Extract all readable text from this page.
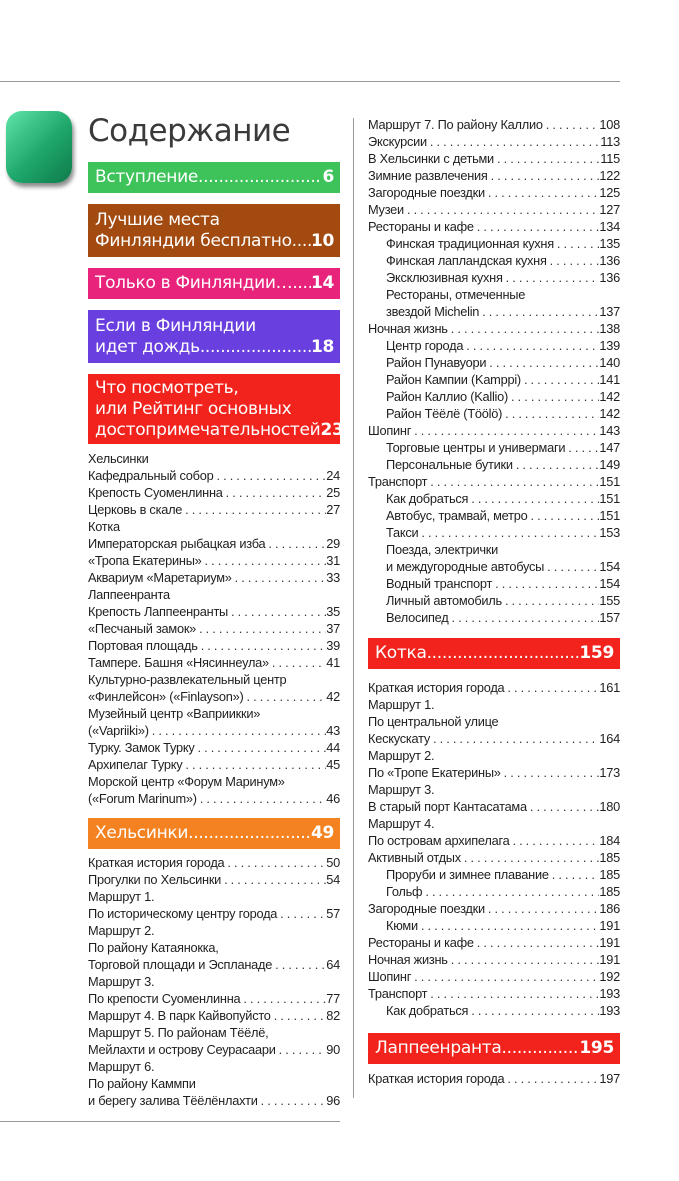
Содержание
Вступление .....	6
Лучшие места
Финляндии бесплатно ..... 10
Только в Финляндии… ..... 14
Если в Финляндии
идет дождь .....	18
Что посмотреть,
или Рейтинг основных
достопримечательностей 23
Хельсинки
Кафедральный собор . . .	24
Крепость Суоменлинна . . .	25
Церковь в скале . . .	27
Котка
Императорская рыбацкая изба . . .	29
«Тропа Екатерины» . . .	31
Аквариум «Маретариум» . . .	33
Лаппеенранта
Крепость Лаппеенранты . . .	35
«Песчаный замок» . . .	37
Портовая площадь . . .	39
Тампере. Башня «Нясиннеула» . . .	41
Культурно-развлекательный центр
«Финлейсон» («Finlayson») . . .	42
Музейный центр «Ваприикки»
(«Vapriiki») . . .	43
Турку. Замок Турку . . .	44
Архипелаг Турку . . .	45
Морской центр «Форум Маринум»
(«Forum Marinum») . . .	46
Хельсинки .....	49
Краткая история города . . .	50
Прогулки по Хельсинки . . .	54
Маршрут 1.
По историческому центру города . . .	57
Маршрут 2.
По району Катаянокка,
Торговой площади и Эспланаде . . .	64
Маршрут 3.
По крепости Суоменлинна . . .	77
Маршрут 4. В парк Кайвопуйсто . . .	82
Маршрут 5. По районам Тёёлё,
Мейлахти и острову Сеурасаари . . .	90
Маршрут 6.
По району Каммпи
и берегу залива Тёёлёнлахти . . .	96
Маршрут 7. По району Каллио . . .	108
Экскурсии . . .	113
В Хельсинки с детьми . . .	115
Зимние развлечения . . .	122
Загородные поездки . . .	125
Музеи . . .	127
Рестораны и кафе . . .	134
Финская традиционная кухня . . .	135
Финская лапландская кухня . . .	136
Эксклюзивная кухня . . .	136
Рестораны, отмеченные
звездой Michelin . . .	137
Ночная жизнь . . .	138
Центр города . . .	139
Район Пунавуори . . .	140
Район Кампии (Kamppi) . . .	141
Район Каллио (Kallio) . . .	142
Район Тёёлё (Töölö) . . .	142
Шопинг . . .	143
Торговые центры и универмаги . . .	147
Персональные бутики . . .	149
Транспорт . . .	151
Как добраться . . .	151
Автобус, трамвай, метро . . .	151
Такси . . .	153
Поезда, электрички
и междугородные автобусы . . .	154
Водный транспорт . . .	154
Личный автомобиль . . .	155
Велосипед . . .	157
Котка .....	159
Краткая история города . . .	161
Маршрут 1.
По центральной улице
Кескускату . . .	164
Маршрут 2.
По «Тропе Екатерины» . . .	173
Маршрут 3.
В старый порт Кантасатама . . .	180
Маршрут 4.
По островам архипелага . . .	184
Активный отдых . . .	185
Проруби и зимнее плавание . . .	185
Гольф . . .	185
Загородные поездки . . .	186
Кюми . . .	191
Рестораны и кафе . . .	191
Ночная жизнь . . .	191
Шопинг . . .	192
Транспорт . . .	193
Как добраться . . .	193
Лаппеенранта .....	195
Краткая история города . . .	197
